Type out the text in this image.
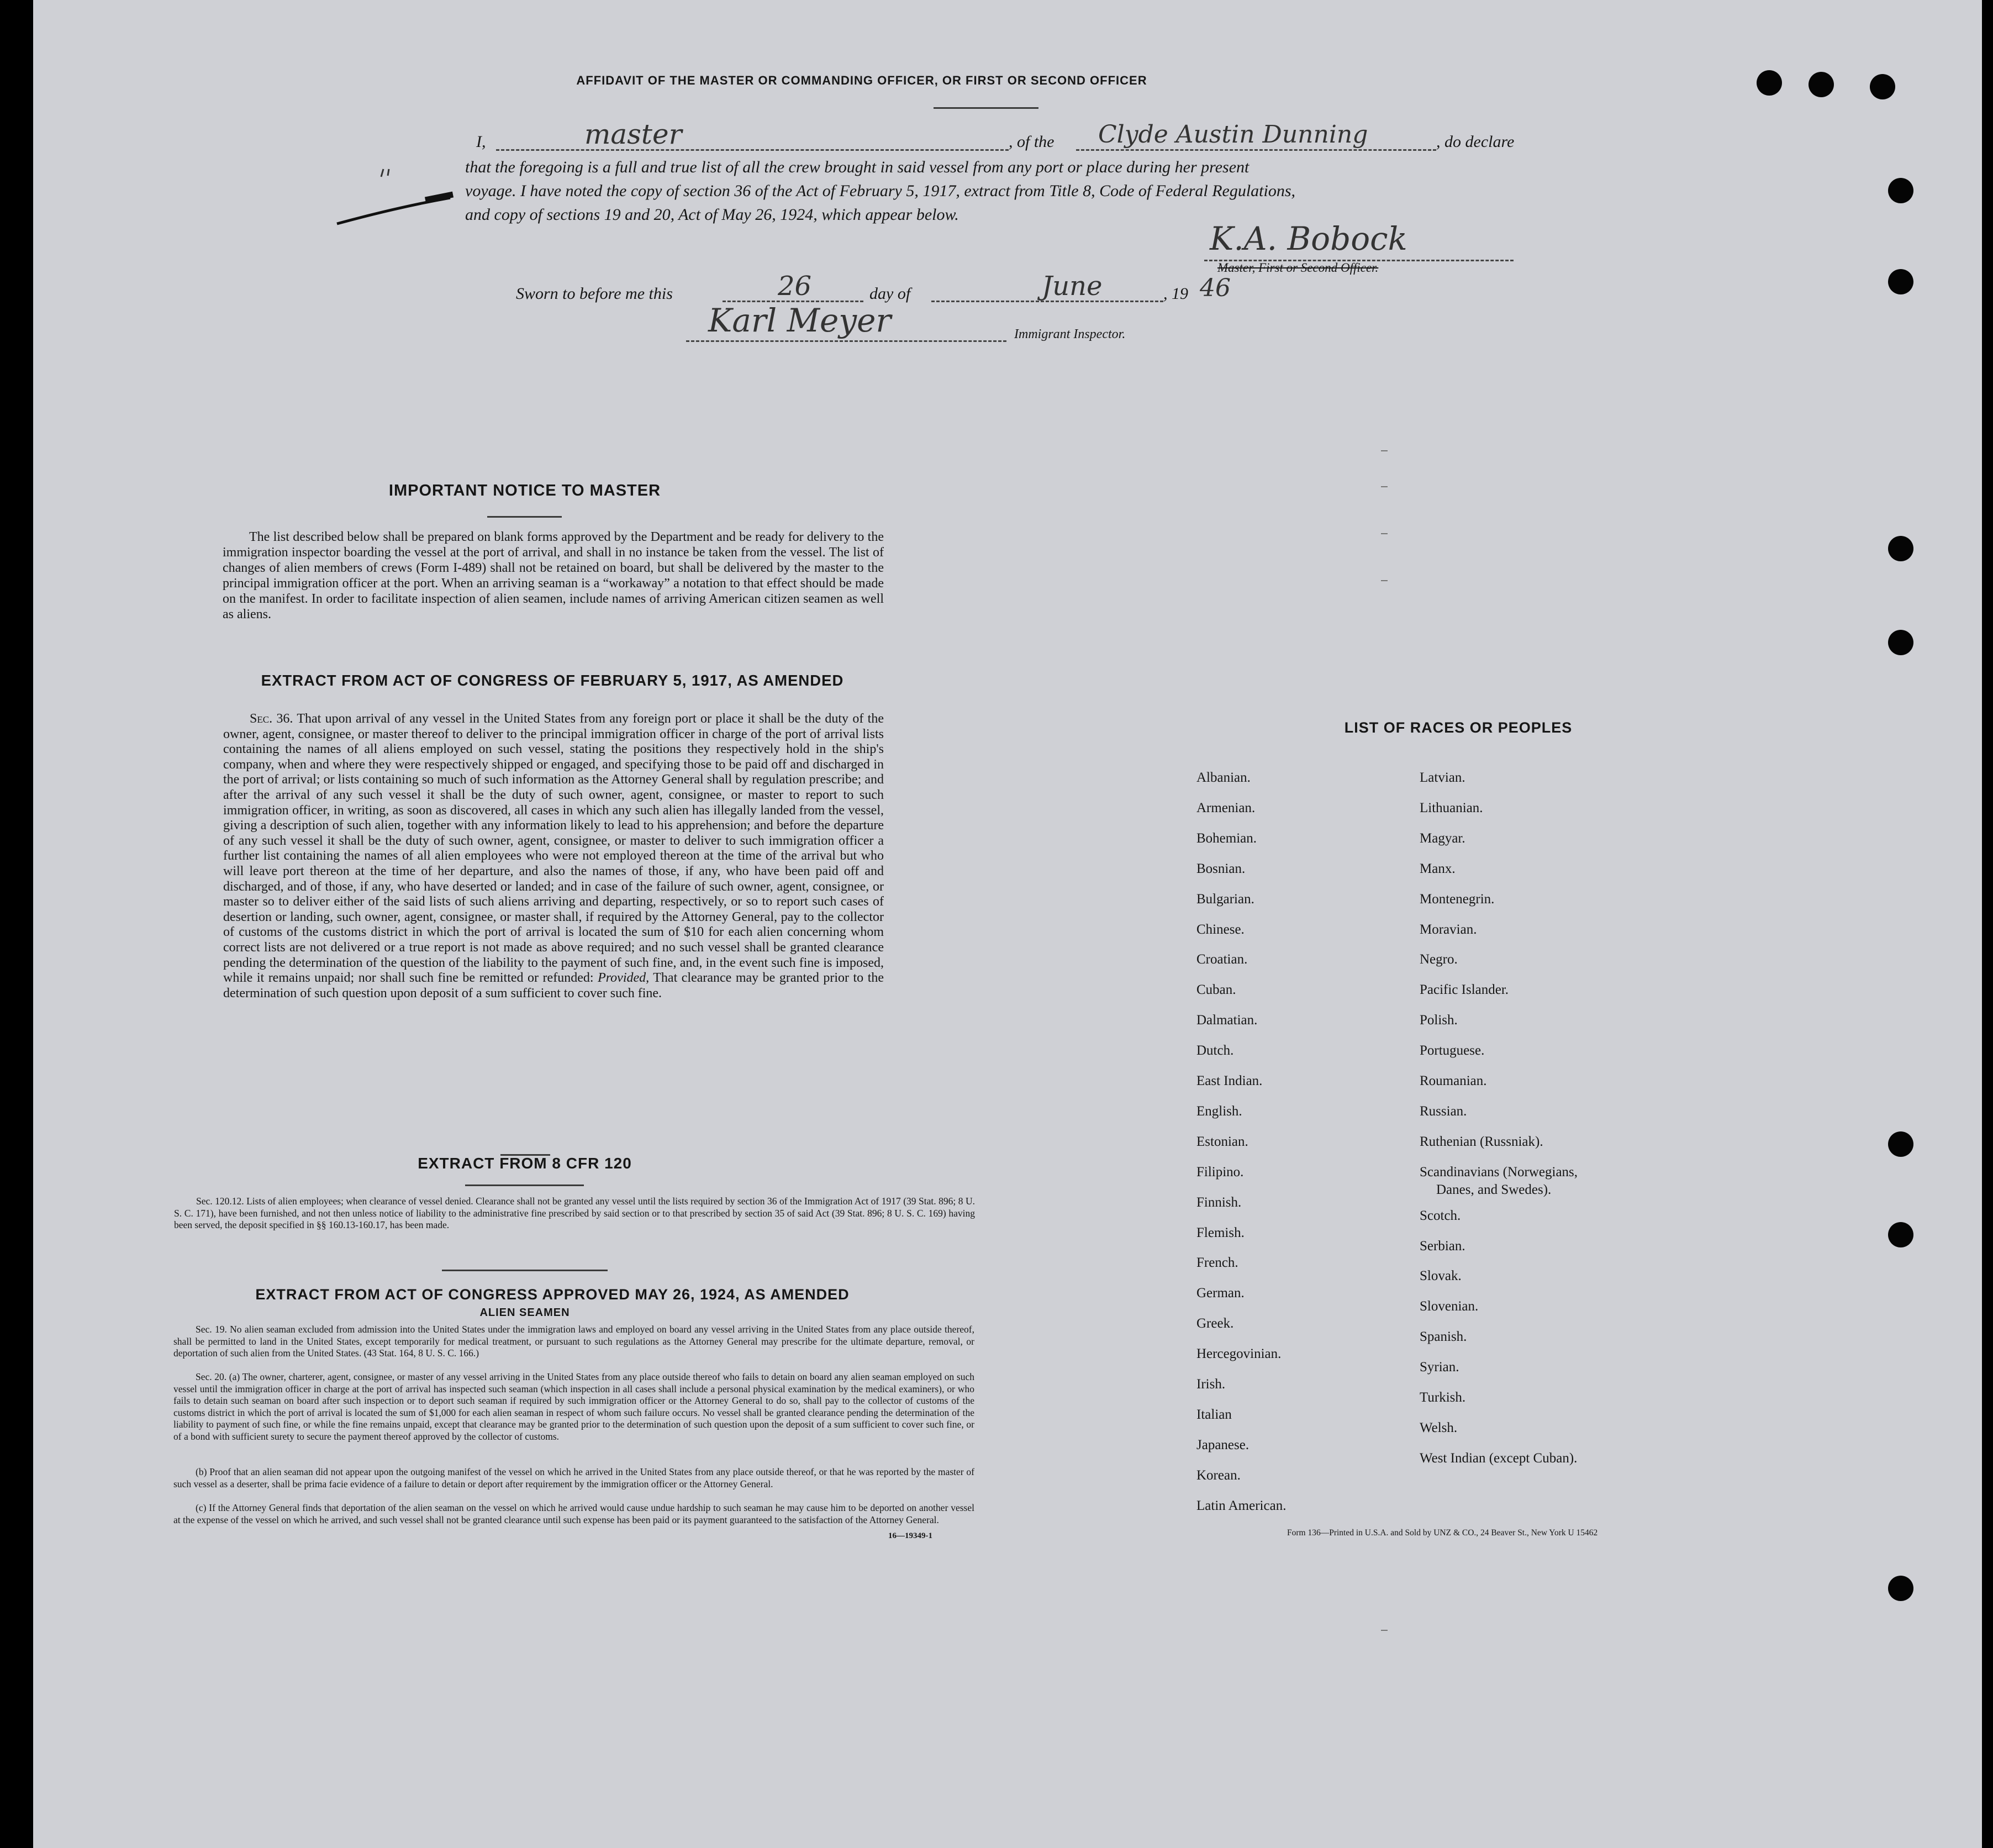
AFFIDAVIT OF THE MASTER OR COMMANDING OFFICER, OR FIRST OR SECOND OFFICER
I,	master	, of the Clyde Austin Dunning	, do declare
that the foregoing is a full and true list of all the crew brought in said vessel from any port or place during her present
voyage. I have noted the copy of section 36 of the Act of February 5, 1917, extract from Title 8, Code of Federal Regulations,
and copy of sections 19 and 20, Act of May 26, 1924, which appear below.
K.A. Bobock
Master, First or Second Officer.
Sworn to before me this	26	day of	June	, 19 46
Karl Meyer	Immigrant Inspector.
IMPORTANT NOTICE TO MASTER
The list described below shall be prepared on blank forms approved by the Department and be ready for delivery to the immigration inspector boarding the vessel at the port of arrival, and shall in no instance be taken from the vessel. The list of changes of alien members of crews (Form I-489) shall not be retained on board, but shall be delivered by the master to the principal immigration officer at the port. When an arriving seaman is a “workaway” a notation to that effect should be made on the manifest. In order to facilitate inspection of alien seamen, include names of arriving American citizen seamen as well as aliens.
EXTRACT FROM ACT OF CONGRESS OF FEBRUARY 5, 1917, AS AMENDED
Sec. 36. That upon arrival of any vessel in the United States from any foreign port or place it shall be the duty of the owner, agent, consignee, or master thereof to deliver to the principal immigration officer in charge of the port of arrival lists containing the names of all aliens employed on such vessel, stating the positions they respectively hold in the ship's company, when and where they were respectively shipped or engaged, and specifying those to be paid off and discharged in the port of arrival; or lists containing so much of such information as the Attorney General shall by regulation prescribe; and after the arrival of any such vessel it shall be the duty of such owner, agent, consignee, or master to report to such immigration officer, in writing, as soon as discovered, all cases in which any such alien has illegally landed from the vessel, giving a description of such alien, together with any information likely to lead to his apprehension; and before the departure of any such vessel it shall be the duty of such owner, agent, consignee, or master to deliver to such immigration officer a further list containing the names of all alien employees who were not employed thereon at the time of the arrival but who will leave port thereon at the time of her departure, and also the names of those, if any, who have been paid off and discharged, and of those, if any, who have deserted or landed; and in case of the failure of such owner, agent, consignee, or master so to deliver either of the said lists of such aliens arriving and departing, respectively, or so to report such cases of desertion or landing, such owner, agent, consignee, or master shall, if required by the Attorney General, pay to the collector of customs of the customs district in which the port of arrival is located the sum of $10 for each alien concerning whom correct lists are not delivered or a true report is not made as above required; and no such vessel shall be granted clearance pending the determination of the question of the liability to the payment of such fine, and, in the event such fine is imposed, while it remains unpaid; nor shall such fine be remitted or refunded: Provided, That clearance may be granted prior to the determination of such question upon deposit of a sum sufficient to cover such fine.
EXTRACT FROM 8 CFR 120
Sec. 120.12. Lists of alien employees; when clearance of vessel denied. Clearance shall not be granted any vessel until the lists required by section 36 of the Immigration Act of 1917 (39 Stat. 896; 8 U. S. C. 171), have been furnished, and not then unless notice of liability to the administrative fine prescribed by said section or to that prescribed by section 35 of said Act (39 Stat. 896; 8 U. S. C. 169) having been served, the deposit specified in §§ 160.13-160.17, has been made.
EXTRACT FROM ACT OF CONGRESS APPROVED MAY 26, 1924, AS AMENDED
ALIEN SEAMEN
Sec. 19. No alien seaman excluded from admission into the United States under the immigration laws and employed on board any vessel arriving in the United States from any place outside thereof, shall be permitted to land in the United States, except temporarily for medical treatment, or pursuant to such regulations as the Attorney General may prescribe for the ultimate departure, removal, or deportation of such alien from the United States. (43 Stat. 164, 8 U. S. C. 166.)
Sec. 20. (a) The owner, charterer, agent, consignee, or master of any vessel arriving in the United States from any place outside thereof who fails to detain on board any alien seaman employed on such vessel until the immigration officer in charge at the port of arrival has inspected such seaman (which inspection in all cases shall include a personal physical examination by the medical examiners), or who fails to detain such seaman on board after such inspection or to deport such seaman if required by such immigration officer or the Attorney General to do so, shall pay to the collector of customs of the customs district in which the port of arrival is located the sum of $1,000 for each alien seaman in respect of whom such failure occurs. No vessel shall be granted clearance pending the determination of the liability to payment of such fine, or while the fine remains unpaid, except that clearance may be granted prior to the determination of such question upon the deposit of a sum sufficient to cover such fine, or of a bond with sufficient surety to secure the payment thereof approved by the collector of customs.
(b) Proof that an alien seaman did not appear upon the outgoing manifest of the vessel on which he arrived in the United States from any place outside thereof, or that he was reported by the master of such vessel as a deserter, shall be prima facie evidence of a failure to detain or deport after requirement by the immigration officer or the Attorney General.
(c) If the Attorney General finds that deportation of the alien seaman on the vessel on which he arrived would cause undue hardship to such seaman he may cause him to be deported on another vessel at the expense of the vessel on which he arrived, and such vessel shall not be granted clearance until such expense has been paid or its payment guaranteed to the satisfaction of the Attorney General.
16—19349-1
LIST OF RACES OR PEOPLES
Form 136—Printed in U.S.A. and Sold by UNZ & CO., 24 Beaver St., New York U 15462
Albanian.
Armenian.
Bohemian.
Bosnian.
Bulgarian.
Chinese.
Croatian.
Cuban.
Dalmatian.
Dutch.
East Indian.
English.
Estonian.
Filipino.
Finnish.
Flemish.
French.
German.
Greek.
Hercegovinian.
Irish.
Italian
Japanese.
Korean.
Latin American.
Latvian.
Lithuanian.
Magyar.
Manx.
Montenegrin.
Moravian.
Negro.
Pacific Islander.
Polish.
Portuguese.
Roumanian.
Russian.
Ruthenian (Russniak).
Scandinavians (Norwegians,
Danes, and Swedes).
Scotch.
Serbian.
Slovak.
Slovenian.
Spanish.
Syrian.
Turkish.
Welsh.
West Indian (except Cuban).
